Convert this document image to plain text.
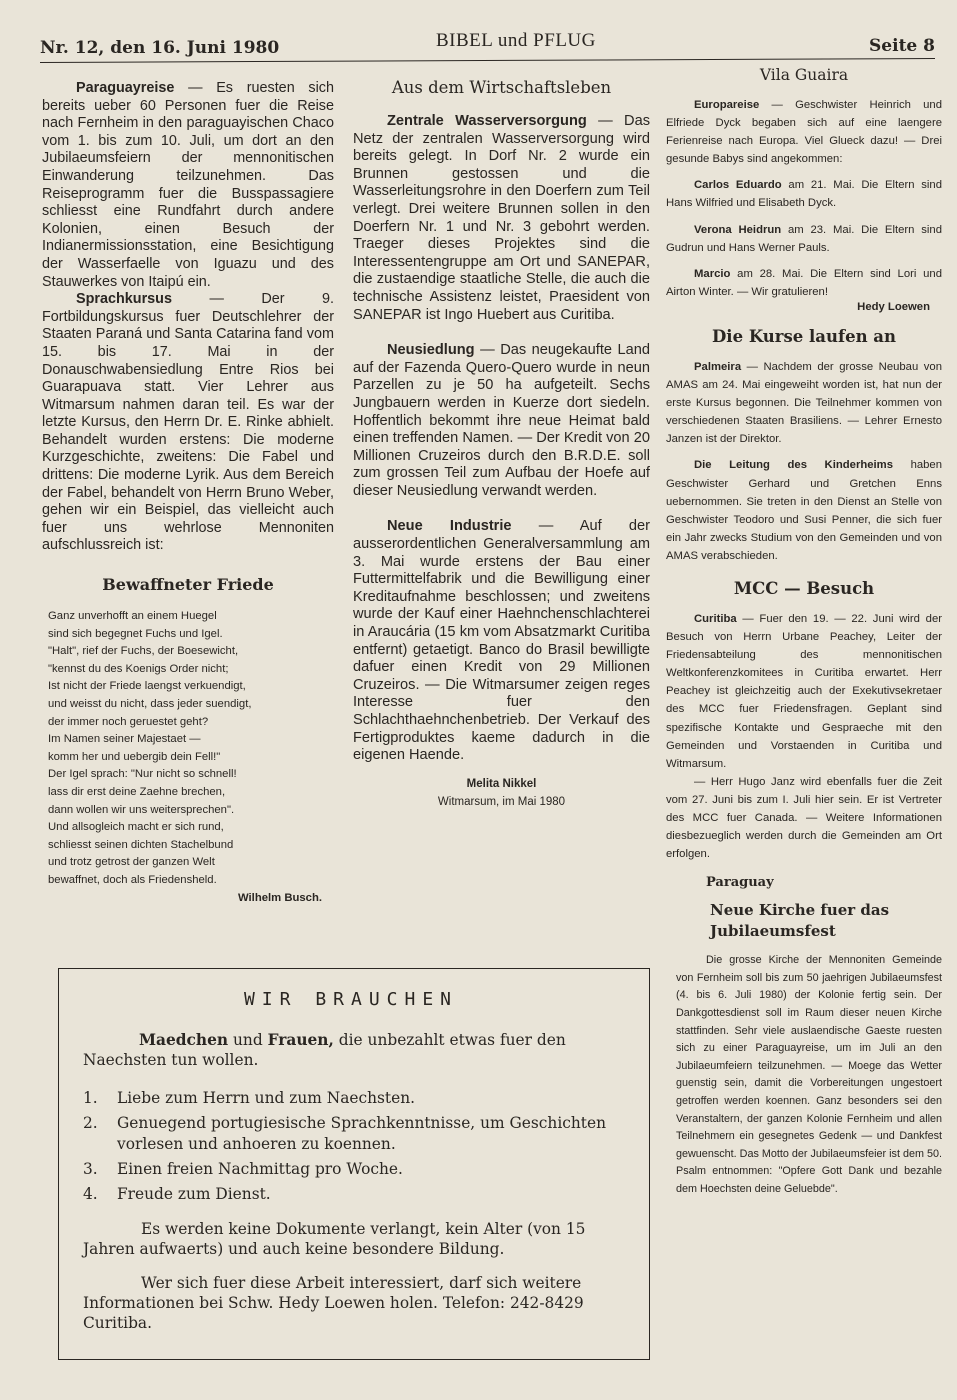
Nr. 12, den 16. Juni 1980	BIBEL und PFLUG	Seite 8

Paraguayreise — Es ruesten sich bereits ueber 60 Personen fuer die Reise nach Fernheim in den paraguayischen Chaco vom 1. bis zum 10. Juli, um dort an den Jubilaeumsfeiern der mennonitischen Einwanderung teilzunehmen. Das Reiseprogramm fuer die Busspassagiere schliesst eine Rundfahrt durch andere Kolonien, einen Besuch der Indianermissionsstation, eine Besichtigung der Wasserfaelle von Iguazu und des Stauwerkes von Itaipú ein.

Sprachkursus — Der 9. Fortbildungskursus fuer Deutschlehrer der Staaten Paraná und Santa Catarina fand vom 15. bis 17. Mai in der Donauschwabensiedlung Entre Rios bei Guarapuava statt. Vier Lehrer aus Witmarsum nahmen daran teil. Es war der letzte Kursus, den Herrn Dr. E. Rinke abhielt. Behandelt wurden erstens: Die moderne Kurzgeschichte, zweitens: Die Fabel und drittens: Die moderne Lyrik. Aus dem Bereich der Fabel, behandelt von Herrn Bruno Weber, gehen wir ein Beispiel, das vielleicht auch fuer uns wehrlose Mennoniten aufschlussreich ist:

Bewaffneter Friede
Ganz unverhofft an einem Huegel
sind sich begegnet Fuchs und Igel.
"Halt", rief der Fuchs, der Boesewicht,
"kennst du des Koenigs Order nicht;
Ist nicht der Friede laengst verkuendigt,
und weisst du nicht, dass jeder suendigt,
der immer noch geruestet geht?
Im Namen seiner Majestaet —
komm her und uebergib dein Fell!"
Der Igel sprach: "Nur nicht so schnell!
lass dir erst deine Zaehne brechen,
dann wollen wir uns weitersprechen".
Und allsogleich macht er sich rund,
schliesst seinen dichten Stachelbund
und trotz getrost der ganzen Welt
bewaffnet, doch als Friedensheld.
Wilhelm Busch.
Aus dem Wirtschaftsleben

Zentrale Wasserversorgung — Das Netz der zentralen Wasserversorgung wird bereits gelegt. In Dorf Nr. 2 wurde ein Brunnen gestossen und die Wasserleitungsrohre in den Doerfern zum Teil verlegt. Drei weitere Brunnen sollen in den Doerfern Nr. 1 und Nr. 3 gebohrt werden. Traeger dieses Projektes sind die Interessentengruppe am Ort und SANEPAR, die zustaendige staatliche Stelle, die auch die technische Assistenz leistet, Praesident von SANEPAR ist Ingo Huebert aus Curitiba.

Neusiedlung — Das neugekaufte Land auf der Fazenda Quero-Quero wurde in neun Parzellen zu je 50 ha aufgeteilt. Sechs Jungbauern werden in Kuerze dort siedeln. Hoffentlich bekommt ihre neue Heimat bald einen treffenden Namen. — Der Kredit von 20 Millionen Cruzeiros durch den B.R.D.E. soll zum grossen Teil zum Aufbau der Hoefe auf dieser Neusiedlung verwandt werden.

Neue Industrie — Auf der ausserordentlichen Generalversammlung am 3. Mai wurde erstens der Bau einer Futtermittelfabrik und die Bewilligung einer Kreditaufnahme beschlossen; und zweitens wurde der Kauf einer Haehnchenschlachterei in Araucária (15 km vom Absatzmarkt Curitiba entfernt) getaetigt. Banco do Brasil bewilligte dafuer einen Kredit von 29 Millionen Cruzeiros. — Die Witmarsumer zeigen reges Interesse fuer den Schlachthaehnchenbetrieb. Der Verkauf des Fertigproduktes kaeme dadurch in die eigenen Haende.

Melita Nikkel
Witmarsum, im Mai 1980
Vila Guaira

Europareise — Geschwister Heinrich und Elfriede Dyck begaben sich auf eine laengere Ferienreise nach Europa. Viel Glueck dazu! — Drei gesunde Babys sind angekommen:

Carlos Eduardo am 21. Mai. Die Eltern sind Hans Wilfried und Elisabeth Dyck.

Verona Heidrun am 23. Mai. Die Eltern sind Gudrun und Hans Werner Pauls.

Marcio am 28. Mai. Die Eltern sind Lori und Airton Winter. — Wir gratulieren!

Hedy Loewen
Die Kurse laufen an

Palmeira — Nachdem der grosse Neubau von AMAS am 24. Mai eingeweiht worden ist, hat nun der erste Kursus begonnen. Die Teilnehmer kommen von verschiedenen Staaten Brasiliens. — Lehrer Ernesto Janzen ist der Direktor.

Die Leitung des Kinderheims haben Geschwister Gerhard und Gretchen Enns uebernommen. Sie treten in den Dienst an Stelle von Geschwister Teodoro und Susi Penner, die sich fuer ein Jahr zwecks Studium von den Gemeinden und von AMAS verabschieden.

MCC — Besuch

Curitiba — Fuer den 19. — 22. Juni wird der Besuch von Herrn Urbane Peachey, Leiter der Friedensabteilung des mennonitischen Weltkonferenzkomitees in Curitiba erwartet. Herr Peachey ist gleichzeitig auch der Exekutivsekretaer des MCC fuer Friedensfragen. Geplant sind spezifische Kontakte und Gespraeche mit den Gemeinden und Vorstaenden in Curitiba und Witmarsum.

— Herr Hugo Janz wird ebenfalls fuer die Zeit vom 27. Juni bis zum I. Juli hier sein. Er ist Vertreter des MCC fuer Canada. — Weitere Informationen diesbezueglich werden durch die Gemeinden am Ort erfolgen.

Paraguay
Neue Kirche fuer das Jubilaeumsfest

Die grosse Kirche der Mennoniten Gemeinde von Fernheim soll bis zum 50 jaehrigen Jubilaeumsfest (4. bis 6. Juli 1980) der Kolonie fertig sein. Der Dankgottesdienst soll im Raum dieser neuen Kirche stattfinden. Sehr viele auslaendische Gaeste ruesten sich zu einer Paraguayreise, um im Juli an den Jubilaeumfeiern teilzunehmen. — Moege das Wetter guenstig sein, damit die Vorbereitungen ungestoert getroffen werden koennen. Ganz besonders sei den Veranstaltern, der ganzen Kolonie Fernheim und allen Teilnehmern ein gesegnetes Gedenk — und Dankfest gewuenscht. Das Motto der Jubilaeumsfeier ist dem 50. Psalm entnommen: "Opfere Gott Dank und bezahle dem Hoechsten deine Geluebde".

WIR BRAUCHEN

Maedchen und Frauen, die unbezahlt etwas fuer den Naechsten tun wollen.

1. Liebe zum Herrn und zum Naechsten.
2. Genuegend portugiesische Sprachkenntnisse, um Geschichten vorlesen und anhoeren zu koennen.
3. Einen freien Nachmittag pro Woche.
4. Freude zum Dienst.

Es werden keine Dokumente verlangt, kein Alter (von 15 Jahren aufwaerts) und auch keine besondere Bildung.

Wer sich fuer diese Arbeit interessiert, darf sich weitere Informationen bei Schw. Hedy Loewen holen. Telefon: 242-8429 Curitiba.
